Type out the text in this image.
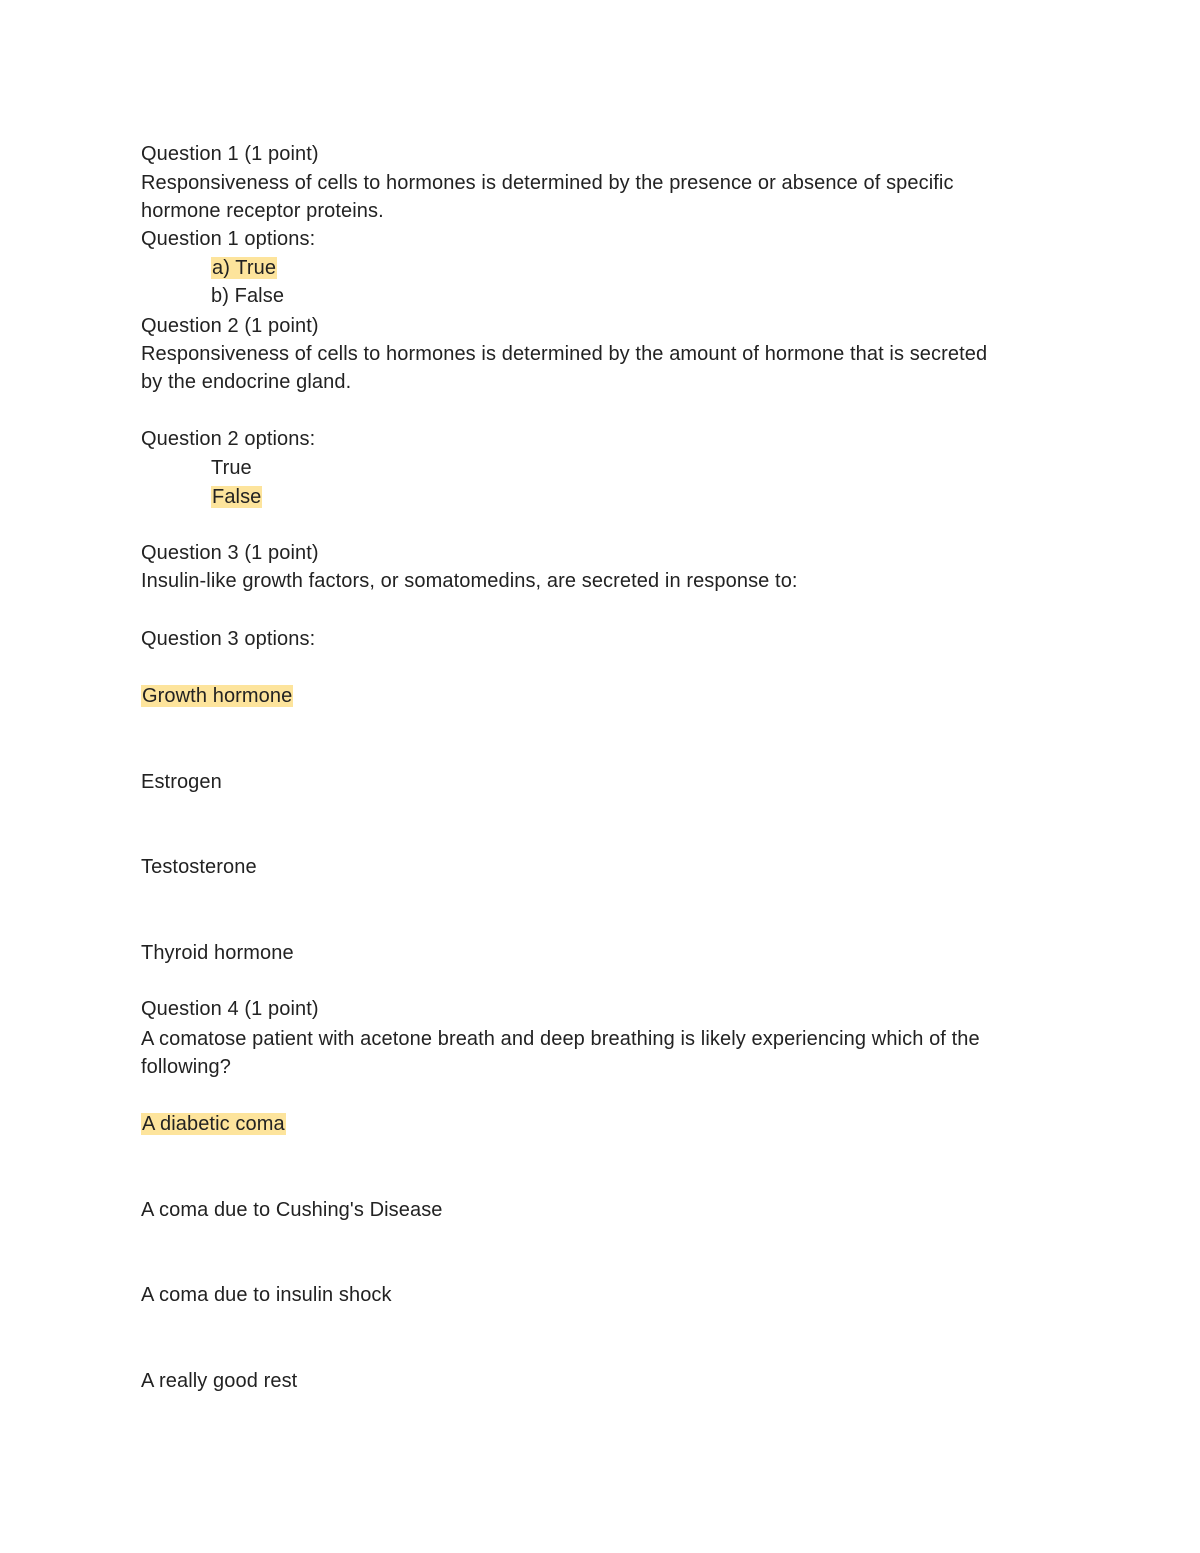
Question 1 (1 point)
Responsiveness of cells to hormones is determined by the presence or absence of specific
hormone receptor proteins.
Question 1 options:
a) True
b) False
Question 2 (1 point)
Responsiveness of cells to hormones is determined by the amount of hormone that is secreted
by the endocrine gland.
Question 2 options:
True
False
Question 3 (1 point)
Insulin-like growth factors, or somatomedins, are secreted in response to:
Question 3 options:
Growth hormone
Estrogen
Testosterone
Thyroid hormone
Question 4 (1 point)
A comatose patient with acetone breath and deep breathing is likely experiencing which of the
following?
A diabetic coma
A coma due to Cushing's Disease
A coma due to insulin shock
A really good rest
